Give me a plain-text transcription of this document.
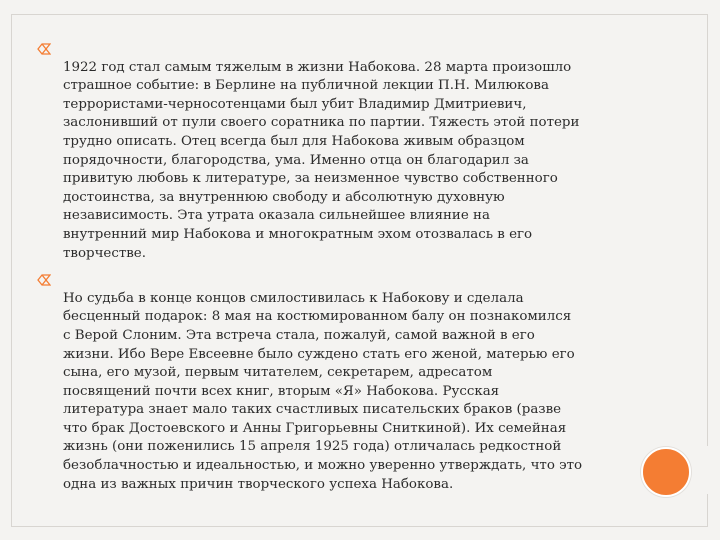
1922 год стал самым тяжелым в жизни Набокова. 28 марта произошло
страшное событие: в Берлине на публичной лекции П.Н. Милюкова
террористами-черносотенцами был убит Владимир Дмитриевич,
заслонивший от пули своего соратника по партии. Тяжесть этой потери
трудно описать. Отец всегда был для Набокова живым образцом
порядочности, благородства, ума. Именно отца он благодарил за
привитую любовь к литературе, за неизменное чувство собственного
достоинства, за внутреннюю свободу и абсолютную духовную
независимость. Эта утрата оказала сильнейшее влияние на
внутренний мир Набокова и многократным эхом отозвалась в его
творчестве.

Но судьба в конце концов смилостивилась к Набокову и сделала
бесценный подарок: 8 мая на костюмированном балу он познакомился
с Верой Слоним. Эта встреча стала, пожалуй, самой важной в его
жизни. Ибо Вере Евсеевне было суждено стать его женой, матерью его
сына, его музой, первым читателем, секретарем, адресатом
посвящений почти всех книг, вторым «Я» Набокова. Русская
литература знает мало таких счастливых писательских браков (разве
что брак Достоевского и Анны Григорьевны Сниткиной). Их семейная
жизнь (они поженились 15 апреля 1925 года) отличалась редкостной
безоблачностью и идеальностью, и можно уверенно утверждать, что это
одна из важных причин творческого успеха Набокова.
